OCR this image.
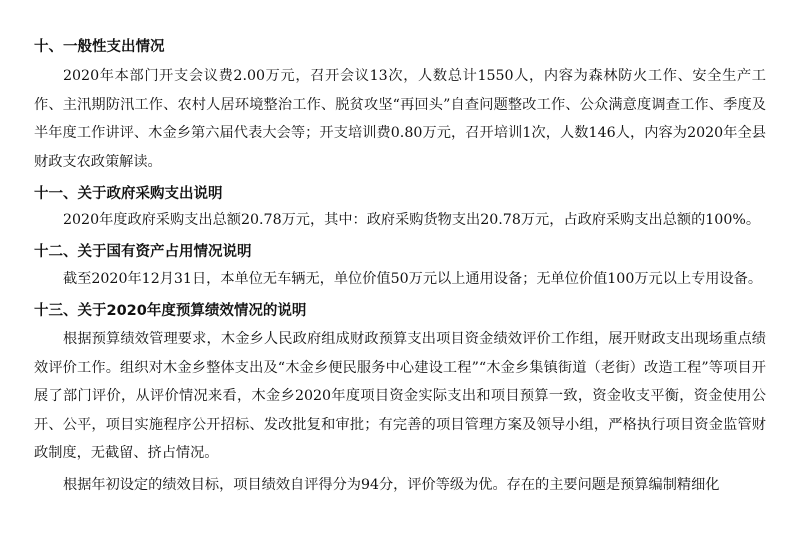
十、一般性支出情况

2020年本部门开支会议费2.00万元，召开会议13次，人数总计1550人，内容为森林防火工作、安全生产工作、主汛期防汛工作、农村人居环境整治工作、脱贫攻坚“再回头”自查问题整改工作、公众满意度调查工作、季度及半年度工作讲评、木金乡第六届代表大会等；开支培训费0.80万元，召开培训1次，人数146人，内容为2020年全县财政支农政策解读。

十一、关于政府采购支出说明

2020年度政府采购支出总额20.78万元，其中：政府采购货物支出20.78万元，占政府采购支出总额的100%。

十二、关于国有资产占用情况说明

截至2020年12月31日，本单位无车辆无，单位价值50万元以上通用设备；无单位价值100万元以上专用设备。

十三、关于2020年度预算绩效情况的说明

根据预算绩效管理要求，木金乡人民政府组成财政预算支出项目资金绩效评价工作组，展开财政支出现场重点绩效评价工作。组织对木金乡整体支出及“木金乡便民服务中心建设工程”“木金乡集镇街道（老街）改造工程”等项目开展了部门评价，从评价情况来看，木金乡2020年度项目资金实际支出和项目预算一致，资金收支平衡，资金使用公开、公平，项目实施程序公开招标、发改批复和审批；有完善的项目管理方案及领导小组，严格执行项目资金监管财政制度，无截留、挤占情况。

根据年初设定的绩效目标，项目绩效自评得分为94分，评价等级为优。存在的主要问题是预算编制精细化
